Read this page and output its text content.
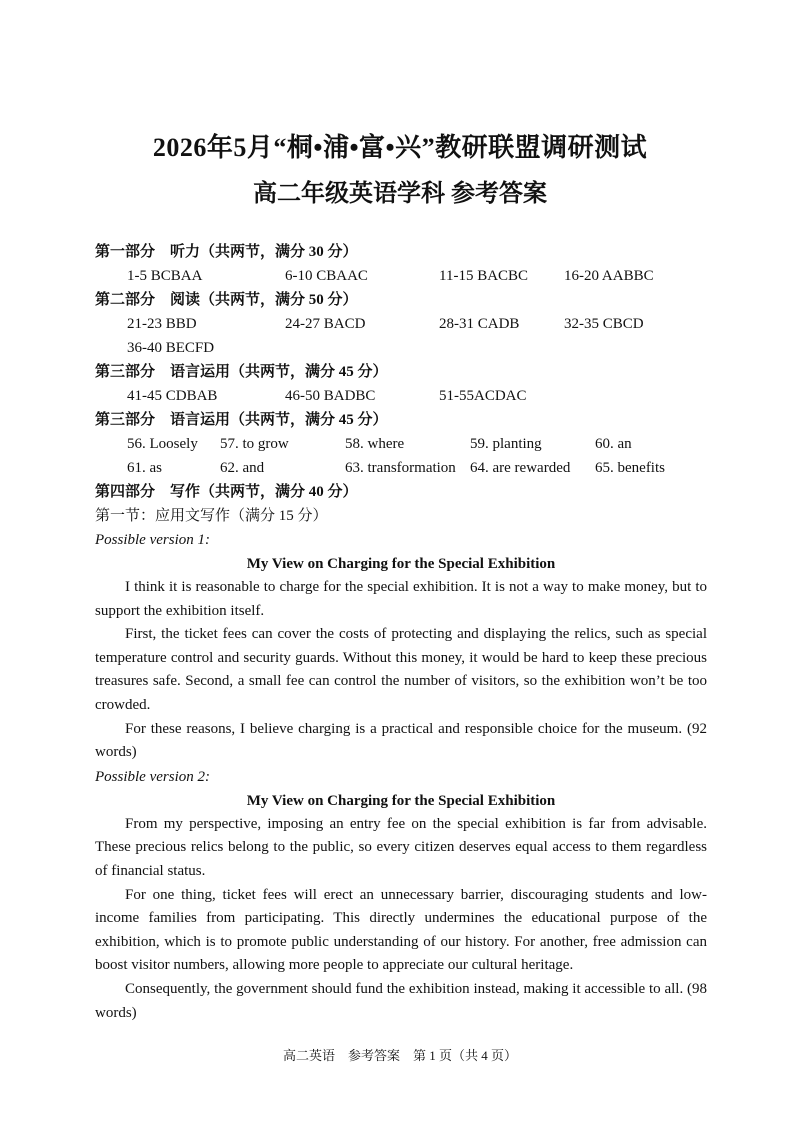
2026年5月“桐•浦•富•兴”教研联盟调研测试
高二年级英语学科 参考答案
第一部分　听力（共两节，满分 30 分）
1-5 BCBAA	6-10 CBAAC	11-15 BACBC 16-20 AABBC
第二部分　阅读（共两节，满分 50 分）
21-23 BBD	24-27 BACD	28-31 CADB	32-35 CBCD
36-40 BECFD
第三部分　语言运用（共两节，满分 45 分）
41-45 CDBAB	46-50 BADBC	51-55ACDAC
第三部分　语言运用（共两节，满分 45 分）
56. Loosely 57. to grow	58. where	59. planting	60. an
61. as	62. and	63. transformation 64. are rewarded 65. benefits
第四部分　写作（共两节，满分 40 分）
第一节：应用文写作（满分 15 分）
Possible version 1:
My View on Charging for the Special Exhibition

I think it is reasonable to charge for the special exhibition. It is not a way to make money, but to support the exhibition itself.

First, the ticket fees can cover the costs of protecting and displaying the relics, such as special temperature control and security guards. Without this money, it would be hard to keep these precious treasures safe. Second, a small fee can control the number of visitors, so the exhibition won’t be too crowded.

For these reasons, I believe charging is a practical and responsible choice for the museum. (92 words)

Possible version 2:
My View on Charging for the Special Exhibition

From my perspective, imposing an entry fee on the special exhibition is far from advisable. These precious relics belong to the public, so every citizen deserves equal access to them regardless of financial status.

For one thing, ticket fees will erect an unnecessary barrier, discouraging students and low-income families from participating. This directly undermines the educational purpose of the exhibition, which is to promote public understanding of our history. For another, free admission can boost visitor numbers, allowing more people to appreciate our cultural heritage.

Consequently, the government should fund the exhibition instead, making it accessible to all. (98 words)

高二英语　参考答案　第 1 页（共 4 页）
